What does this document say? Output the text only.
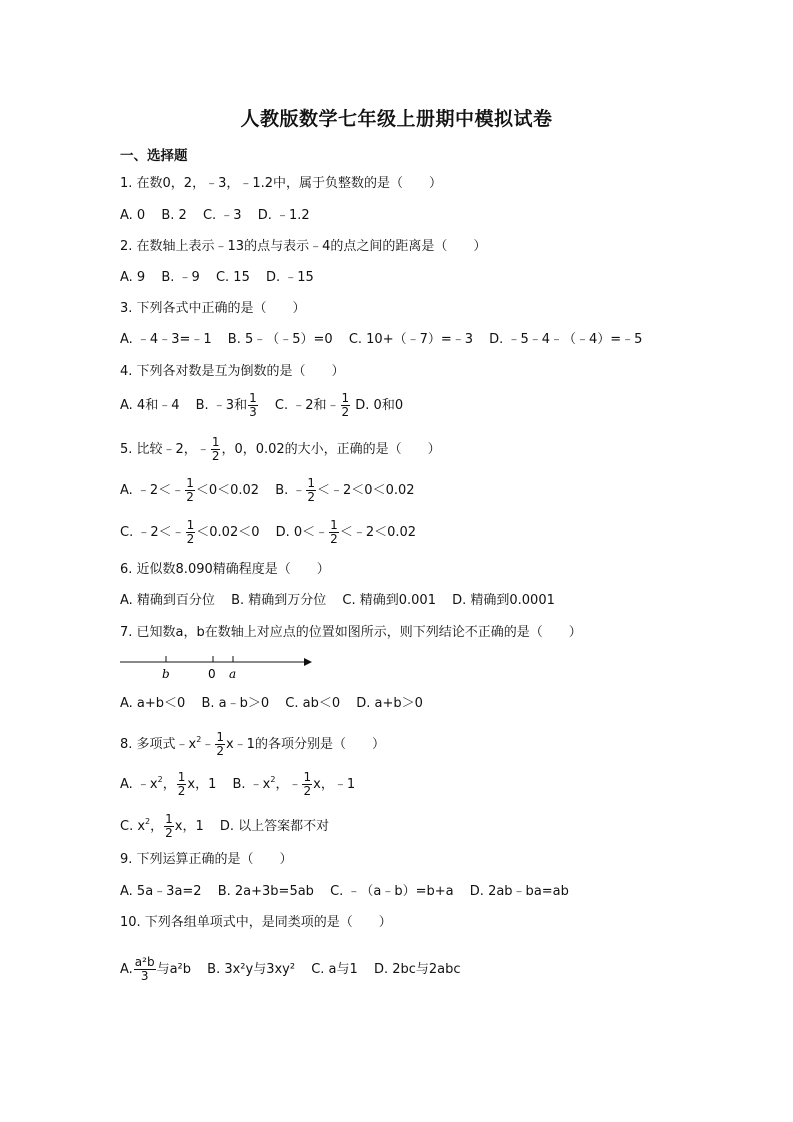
人教版数学七年级上册期中模拟试卷
一、选择题
1. 在数0，2，﹣3，﹣1.2中，属于负整数的是（　　）
A. 0 B. 2 C. ﹣3 D. ﹣1.2
2. 在数轴上表示﹣13的点与表示﹣4的点之间的距离是（　　）
A. 9 B. ﹣9 C. 15 D. ﹣15
3. 下列各式中正确的是（　　）
A. ﹣4﹣3=﹣1 B. 5﹣（﹣5）=0 C. 10+（﹣7）=﹣3 D. ﹣5﹣4﹣（﹣4）=﹣5
4. 下列各对数是互为倒数的是（　　）
A. 4和﹣4 B. ﹣3和 $\frac{1}{3} C$. ﹣2和﹣ $\frac{1}{2} D$. 0和0
5. 比较﹣2，﹣ $\frac{1}{2}$ ，0，0.02的大小，正确的是（　　）
A. ﹣2＜﹣ $\frac{1}{2} <0<0.02$ B. ﹣ $\frac{1}{2}$ ＜﹣2＜0＜0.02
C. ﹣2＜﹣ $\frac{1}{2} <0.02<0$ D. 0＜﹣ $\frac{1}{2}$ ＜﹣2＜0.02
6. 近似数8.090精确程度是（　　）
A. 精确到百分位 B. 精确到万分位 C. 精确到0.001 D. 精确到0.0001
7. 已知数a，b在数轴上对应点的位置如图所示，则下列结论不正确的是（　　）
b	0 a
A. a+b＜0 B. a﹣b＞0 C. ab＜0 D. a+b＞0
8. 多项式$﹣x^2﹣ \frac{1}{2}$ x﹣1的各项分别是（　　）
A. $﹣x^2$， $\frac{1}{2}$ x，1 B. $﹣x^2$，﹣ $\frac{1}{2}$ x，﹣1
C. $x^2$， $\frac{1}{2}$ x，1 D. 以上答案都不对
9. 下列运算正确的是（　　）
A. 5a﹣3a=2 B. 2a+3b=5ab C. ﹣（a﹣b）=b+a D. 2ab﹣ba=ab
10. 下列各组单项式中，是同类项的是（　　）
A. $\frac{\text{a²b}}{3}$ 与a²b B. 3x²y与3xy² C. a与1 D. 2bc与2abc
